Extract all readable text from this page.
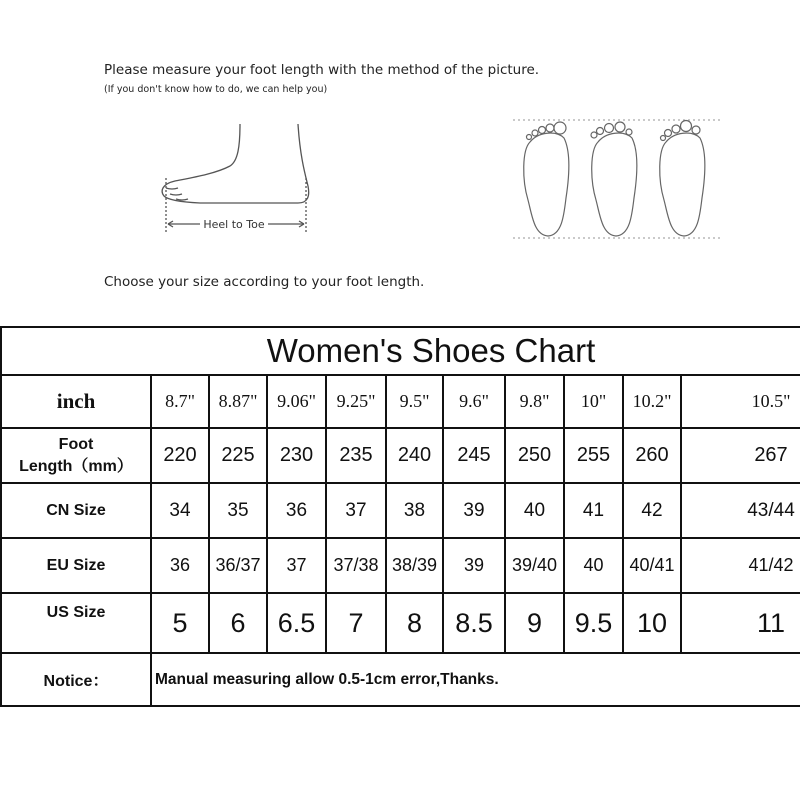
Please measure your foot length with the method of the picture.
(If you don't know how to do, we can help you)
Heel to Toe
Choose your size according to your foot length.
Women's Shoes Chart										
inch	8.7"	8.87"	9.06"	9.25"	9.5"	9.6"	9.8"	10"	10.2"	10.5"

Foot
Length（mm）	220	225	230	235	240	245	250	255	260	267
CN Size	34	35	36	37	38	39	40	41	42	43/44
EU Size	36	36/37	37	37/38	38/39	39	39/40	40	40/41	41/42
US Size	5	6	6.5	7	8	8.5	9	9.5	10	11
Notice：	Manual measuring allow 0.5-1cm error,Thanks.									
